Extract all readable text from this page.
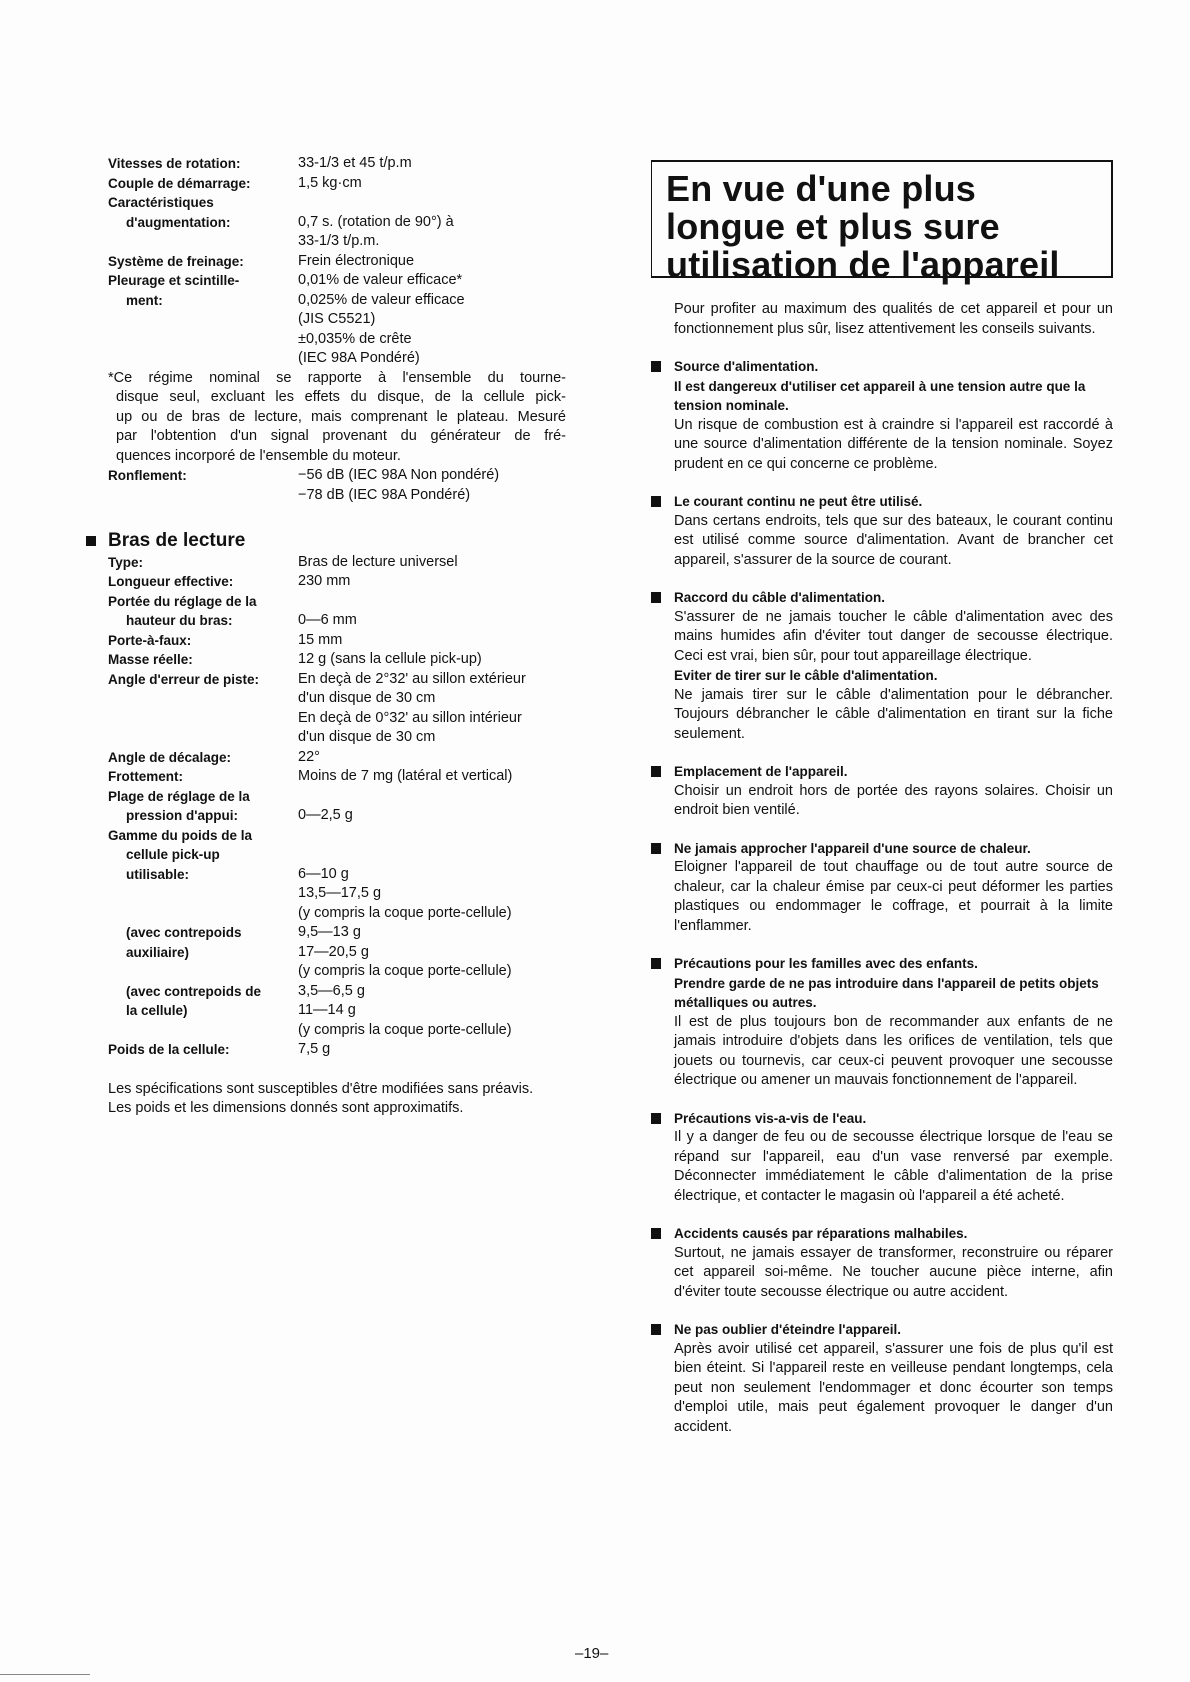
Vitesses de rotation:	33-1/3 et 45 t/p.m
Couple de démarrage:	1,5 kg·cm
Caractéristiques
d'augmentation:	0,7 s. (rotation de 90°) à
33-1/3 t/p.m.
Système de freinage:	Frein électronique
Pleurage et scintille-	0,01% de valeur efficace*
ment:	0,025% de valeur efficace
(JIS C5521)
±0,035% de crête
(IEC 98A Pondéré)
*Ce régime nominal se rapporte à l'ensemble du tourne-
disque seul, excluant les effets du disque, de la cellule pick-
up ou de bras de lecture, mais comprenant le plateau. Mesuré
par l'obtention d'un signal provenant du générateur de fré-
quences incorporé de l'ensemble du moteur.
Ronflement:	−56 dB (IEC 98A Non pondéré)
−78 dB (IEC 98A Pondéré)
Bras de lecture
Type:	Bras de lecture universel
Longueur effective:	230 mm
Portée du réglage de la
hauteur du bras:	0—6 mm
Porte-à-faux:	15 mm
Masse réelle:	12 g (sans la cellule pick-up)
Angle d'erreur de piste:	En deçà de 2°32' au sillon extérieur
d'un disque de 30 cm
En deçà de 0°32' au sillon intérieur
d'un disque de 30 cm
Angle de décalage:	22°
Frottement:	Moins de 7 mg (latéral et vertical)
Plage de réglage de la
pression d'appui:	0—2,5 g
Gamme du poids de la
cellule pick-up
utilisable:	6—10 g
13,5—17,5 g
(y compris la coque porte-cellule)
(avec contrepoids	9,5—13 g
auxiliaire)	17—20,5 g
(y compris la coque porte-cellule)
(avec contrepoids de	3,5—6,5 g
la cellule)	11—14 g
(y compris la coque porte-cellule)
Poids de la cellule:	7,5 g

Les spécifications sont susceptibles d'être modifiées sans préavis.

Les poids et les dimensions donnés sont approximatifs.

En vue d'une plus longue et plus sure utilisation de l'appareil

Pour profiter au maximum des qualités de cet appareil et pour un fonctionnement plus sûr, lisez attentivement les conseils suivants.

Source d'alimentation.
Il est dangereux d'utiliser cet appareil à une tension autre que la tension nominale.
Un risque de combustion est à craindre si l'appareil est raccordé à une source d'alimentation différente de la tension nominale. Soyez prudent en ce qui concerne ce problème.
Le courant continu ne peut être utilisé.
Dans certans endroits, tels que sur des bateaux, le courant continu est utilisé comme source d'alimentation. Avant de brancher cet appareil, s'assurer de la source de courant.
Raccord du câble d'alimentation.
S'assurer de ne jamais toucher le câble d'alimentation avec des mains humides afin d'éviter tout danger de secousse électrique. Ceci est vrai, bien sûr, pour tout appareillage électrique.
Eviter de tirer sur le câble d'alimentation.
Ne jamais tirer sur le câble d'alimentation pour le débrancher. Toujours débrancher le câble d'alimentation en tirant sur la fiche seulement.
Emplacement de l'appareil.
Choisir un endroit hors de portée des rayons solaires. Choisir un endroit bien ventilé.
Ne jamais approcher l'appareil d'une source de chaleur.
Eloigner l'appareil de tout chauffage ou de tout autre source de chaleur, car la chaleur émise par ceux-ci peut déformer les parties plastiques ou endommager le coffrage, et pourrait à la limite l'enflammer.
Précautions pour les familles avec des enfants.
Prendre garde de ne pas introduire dans l'appareil de petits objets métalliques ou autres.
Il est de plus toujours bon de recommander aux enfants de ne jamais introduire d'objets dans les orifices de ventilation, tels que jouets ou tournevis, car ceux-ci peuvent provoquer une secousse électrique ou amener un mauvais fonctionnement de l'appareil.
Précautions vis-a-vis de l'eau.
Il y a danger de feu ou de secousse électrique lorsque de l'eau se répand sur l'appareil, eau d'un vase renversé par exemple. Déconnecter immédiatement le câble d'alimentation de la prise électrique, et contacter le magasin où l'appareil a été acheté.
Accidents causés par réparations malhabiles.
Surtout, ne jamais essayer de transformer, reconstruire ou réparer cet appareil soi-même. Ne toucher aucune pièce interne, afin d'éviter toute secousse électrique ou autre accident.
Ne pas oublier d'éteindre l'appareil.
Après avoir utilisé cet appareil, s'assurer une fois de plus qu'il est bien éteint. Si l'appareil reste en veilleuse pendant longtemps, cela peut non seulement l'endommager et donc écourter son temps d'emploi utile, mais peut également provoquer le danger d'un accident.
–19–
